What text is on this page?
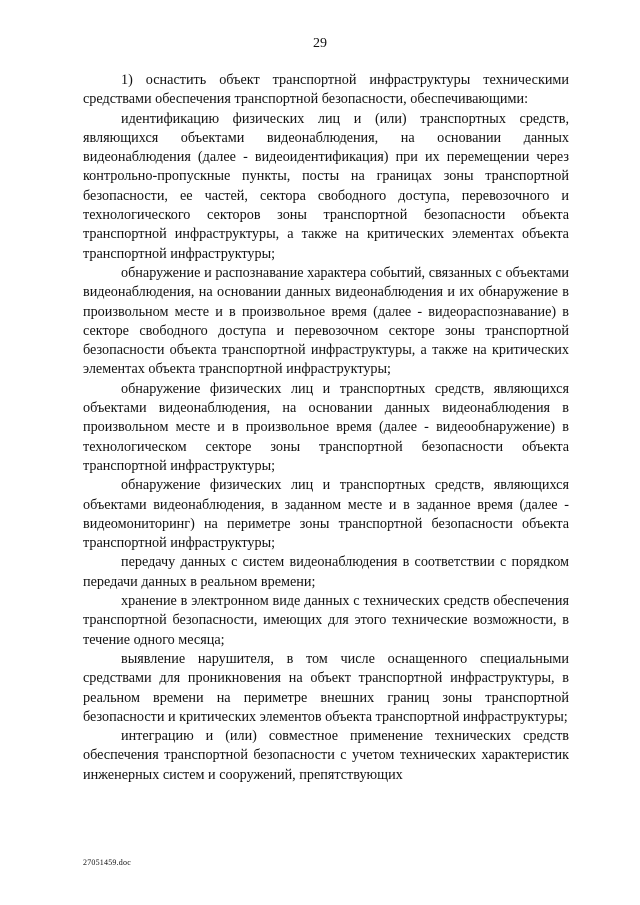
29

1) оснастить объект транспортной инфраструктуры техническими средствами обеспечения транспортной безопасности, обеспечивающими:

идентификацию физических лиц и (или) транспортных средств, являющихся объектами видеонаблюдения, на основании данных видеонаблюдения (далее - видеоидентификация) при их перемещении через контрольно-пропускные пункты, посты на границах зоны транспортной безопасности, ее частей, сектора свободного доступа, перевозочного и технологического секторов зоны транспортной безопасности объекта транспортной инфраструктуры, а также на критических элементах объекта транспортной инфраструктуры;

обнаружение и распознавание характера событий, связанных с объектами видеонаблюдения, на основании данных видеонаблюдения и их обнаружение в произвольном месте и в произвольное время (далее - видеораспознавание) в секторе свободного доступа и перевозочном секторе зоны транспортной безопасности объекта транспортной инфраструктуры, а также на критических элементах объекта транспортной инфраструктуры;

обнаружение физических лиц и транспортных средств, являющихся объектами видеонаблюдения, на основании данных видеонаблюдения в произвольном месте и в произвольное время (далее - видеообнаружение) в технологическом секторе зоны транспортной безопасности объекта транспортной инфраструктуры;

обнаружение физических лиц и транспортных средств, являющихся объектами видеонаблюдения, в заданном месте и в заданное время (далее - видеомониторинг) на периметре зоны транспортной безопасности объекта транспортной инфраструктуры;

передачу данных с систем видеонаблюдения в соответствии с порядком передачи данных в реальном времени;

хранение в электронном виде данных с технических средств обеспечения транспортной безопасности, имеющих для этого технические возможности, в течение одного месяца;

выявление нарушителя, в том числе оснащенного специальными средствами для проникновения на объект транспортной инфраструктуры, в реальном времени на периметре внешних границ зоны транспортной безопасности и критических элементов объекта транспортной инфраструктуры;

интеграцию и (или) совместное применение технических средств обеспечения транспортной безопасности с учетом технических характеристик инженерных систем и сооружений, препятствующих

27051459.doc
